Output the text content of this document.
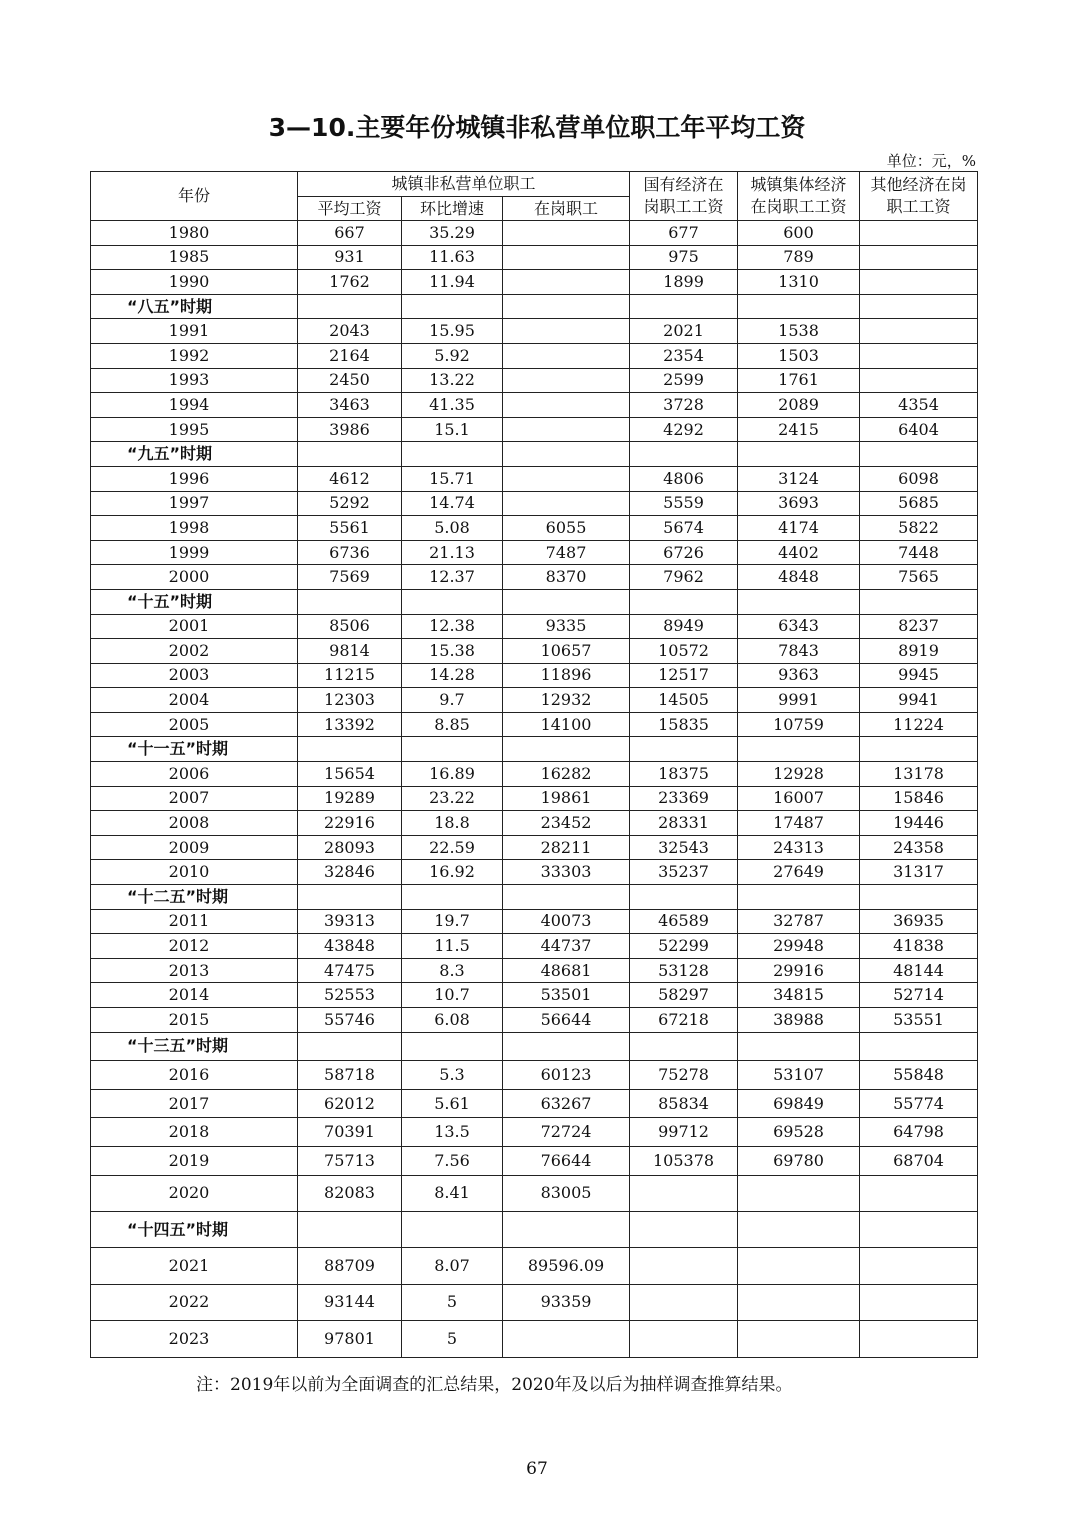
3—10.主要年份城镇非私营单位职工年平均工资
单位：元，%
年份	城镇非私营单位职工			国有经济在岗职工工资	城镇集体经济在岗职工工资	其他经济在岗职工工资

	平均工资	环比增速	在岗职工			
1980	667	35.29		677	600	
1985	931	11.63		975	789	
1990	1762	11.94		1899	1310	
“八五”时期						
1991	2043	15.95		2021	1538	
1992	2164	5.92		2354	1503	
1993	2450	13.22		2599	1761	
1994	3463	41.35		3728	2089	4354
1995	3986	15.1		4292	2415	6404
“九五”时期						
1996	4612	15.71		4806	3124	6098
1997	5292	14.74		5559	3693	5685
1998	5561	5.08	6055	5674	4174	5822
1999	6736	21.13	7487	6726	4402	7448
2000	7569	12.37	8370	7962	4848	7565
“十五”时期						
2001	8506	12.38	9335	8949	6343	8237
2002	9814	15.38	10657	10572	7843	8919
2003	11215	14.28	11896	12517	9363	9945
2004	12303	9.7	12932	14505	9991	9941
2005	13392	8.85	14100	15835	10759	11224
“十一五”时期						
2006	15654	16.89	16282	18375	12928	13178
2007	19289	23.22	19861	23369	16007	15846
2008	22916	18.8	23452	28331	17487	19446
2009	28093	22.59	28211	32543	24313	24358
2010	32846	16.92	33303	35237	27649	31317
“十二五”时期						
2011	39313	19.7	40073	46589	32787	36935
2012	43848	11.5	44737	52299	29948	41838
2013	47475	8.3	48681	53128	29916	48144
2014	52553	10.7	53501	58297	34815	52714
2015	55746	6.08	56644	67218	38988	53551
“十三五”时期						
2016	58718	5.3	60123	75278	53107	55848
2017	62012	5.61	63267	85834	69849	55774
2018	70391	13.5	72724	99712	69528	64798
2019	75713	7.56	76644	105378	69780	68704
2020	82083	8.41	83005			
“十四五”时期						
2021	88709	8.07	89596.09			
2022	93144	5	93359			
2023	97801	5				
注：2019年以前为全面调查的汇总结果，2020年及以后为抽样调查推算结果。
67
